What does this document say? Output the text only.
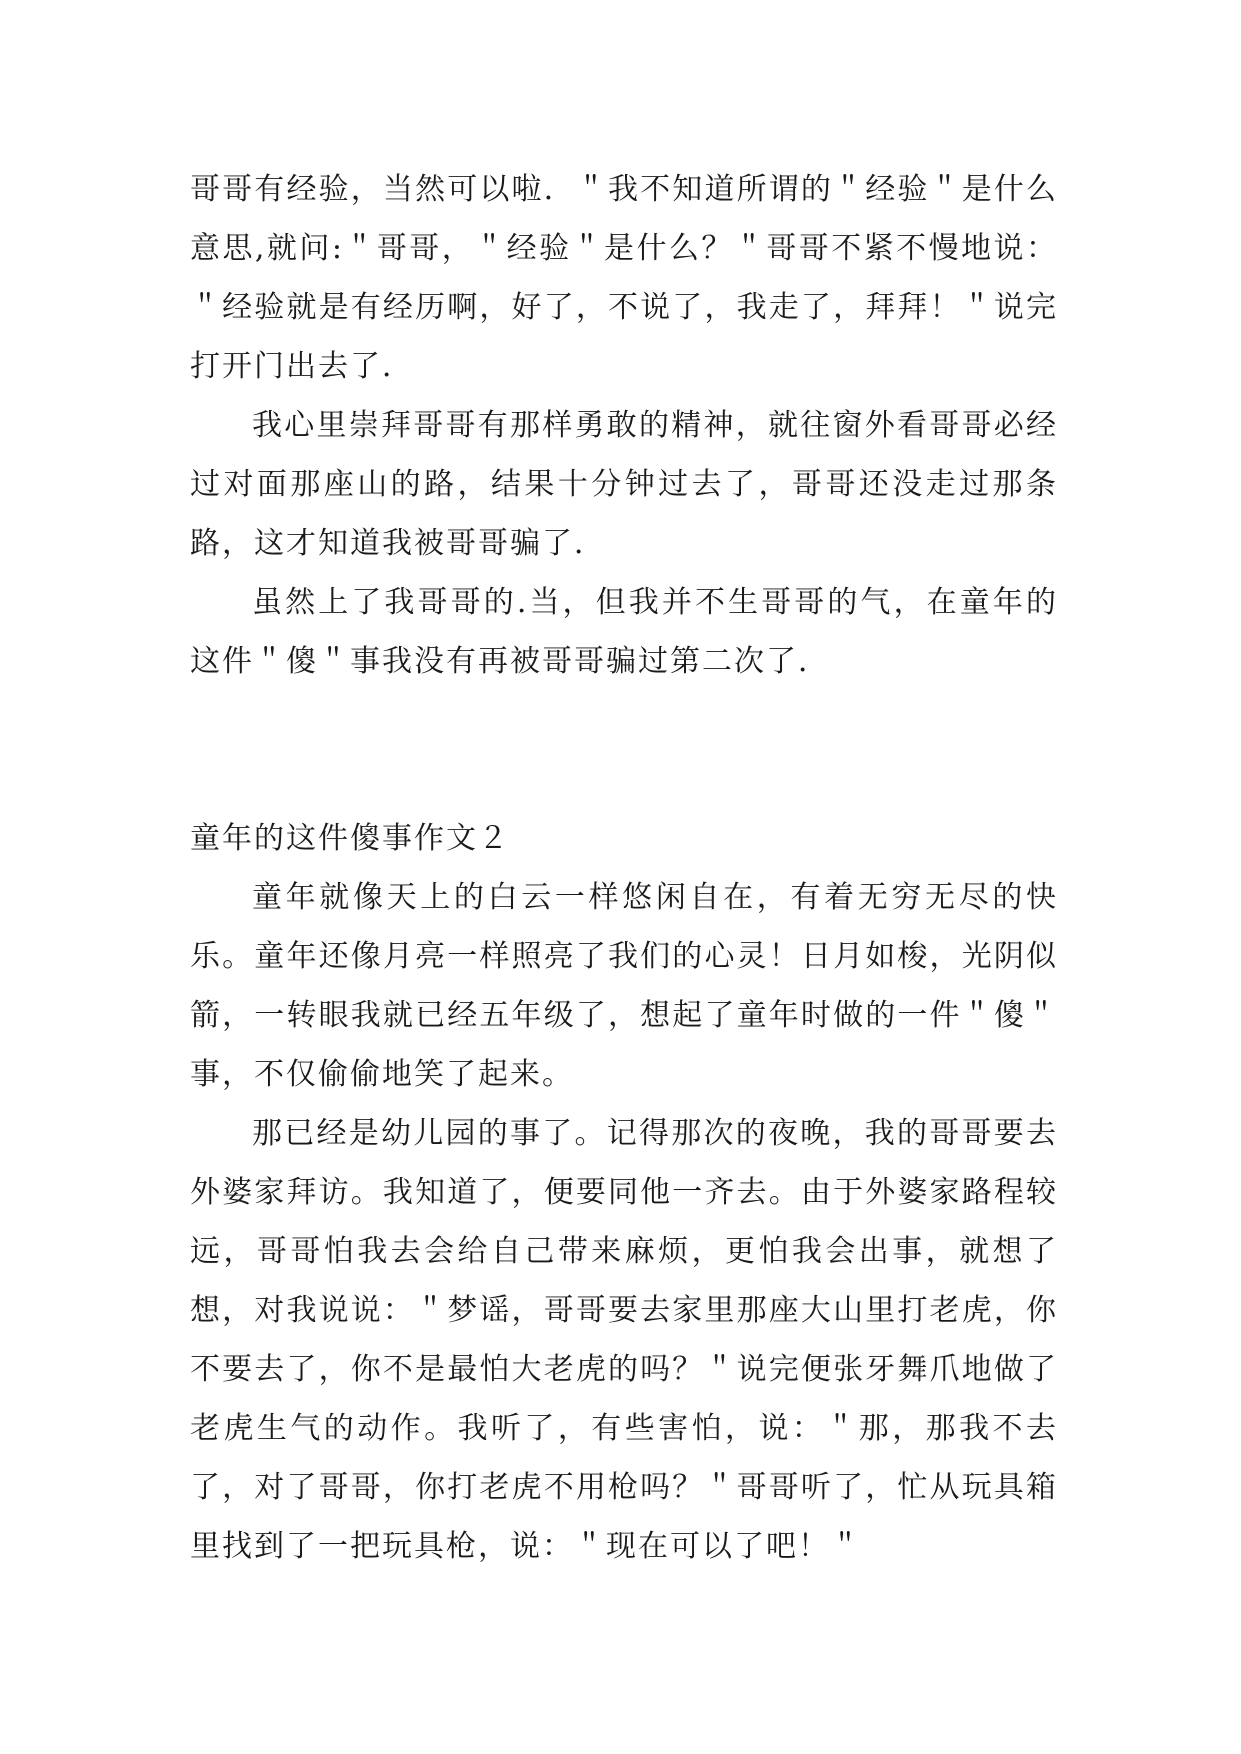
哥哥有经验，当然可以啦．＂我不知道所谓的＂经验＂是什么意思,就问:＂哥哥，＂经验＂是什么？＂哥哥不紧不慢地说：＂经验就是有经历啊，好了，不说了，我走了，拜拜！＂说完打开门出去了．

我心里崇拜哥哥有那样勇敢的精神，就往窗外看哥哥必经过对面那座山的路，结果十分钟过去了，哥哥还没走过那条路，这才知道我被哥哥骗了．

虽然上了我哥哥的.当，但我并不生哥哥的气，在童年的这件＂傻＂事我没有再被哥哥骗过第二次了．

童年的这件傻事作文２

童年就像天上的白云一样悠闲自在，有着无穷无尽的快乐。童年还像月亮一样照亮了我们的心灵！日月如梭，光阴似箭，一转眼我就已经五年级了，想起了童年时做的一件＂傻＂事，不仅偷偷地笑了起来。

那已经是幼儿园的事了。记得那次的夜晚，我的哥哥要去外婆家拜访。我知道了，便要同他一齐去。由于外婆家路程较远，哥哥怕我去会给自己带来麻烦，更怕我会出事，就想了想，对我说说：＂梦谣，哥哥要去家里那座大山里打老虎，你不要去了，你不是最怕大老虎的吗？＂说完便张牙舞爪地做了老虎生气的动作。我听了，有些害怕，说：＂那，那我不去了，对了哥哥，你打老虎不用枪吗？＂哥哥听了，忙从玩具箱里找到了一把玩具枪，说：＂现在可以了吧！＂
